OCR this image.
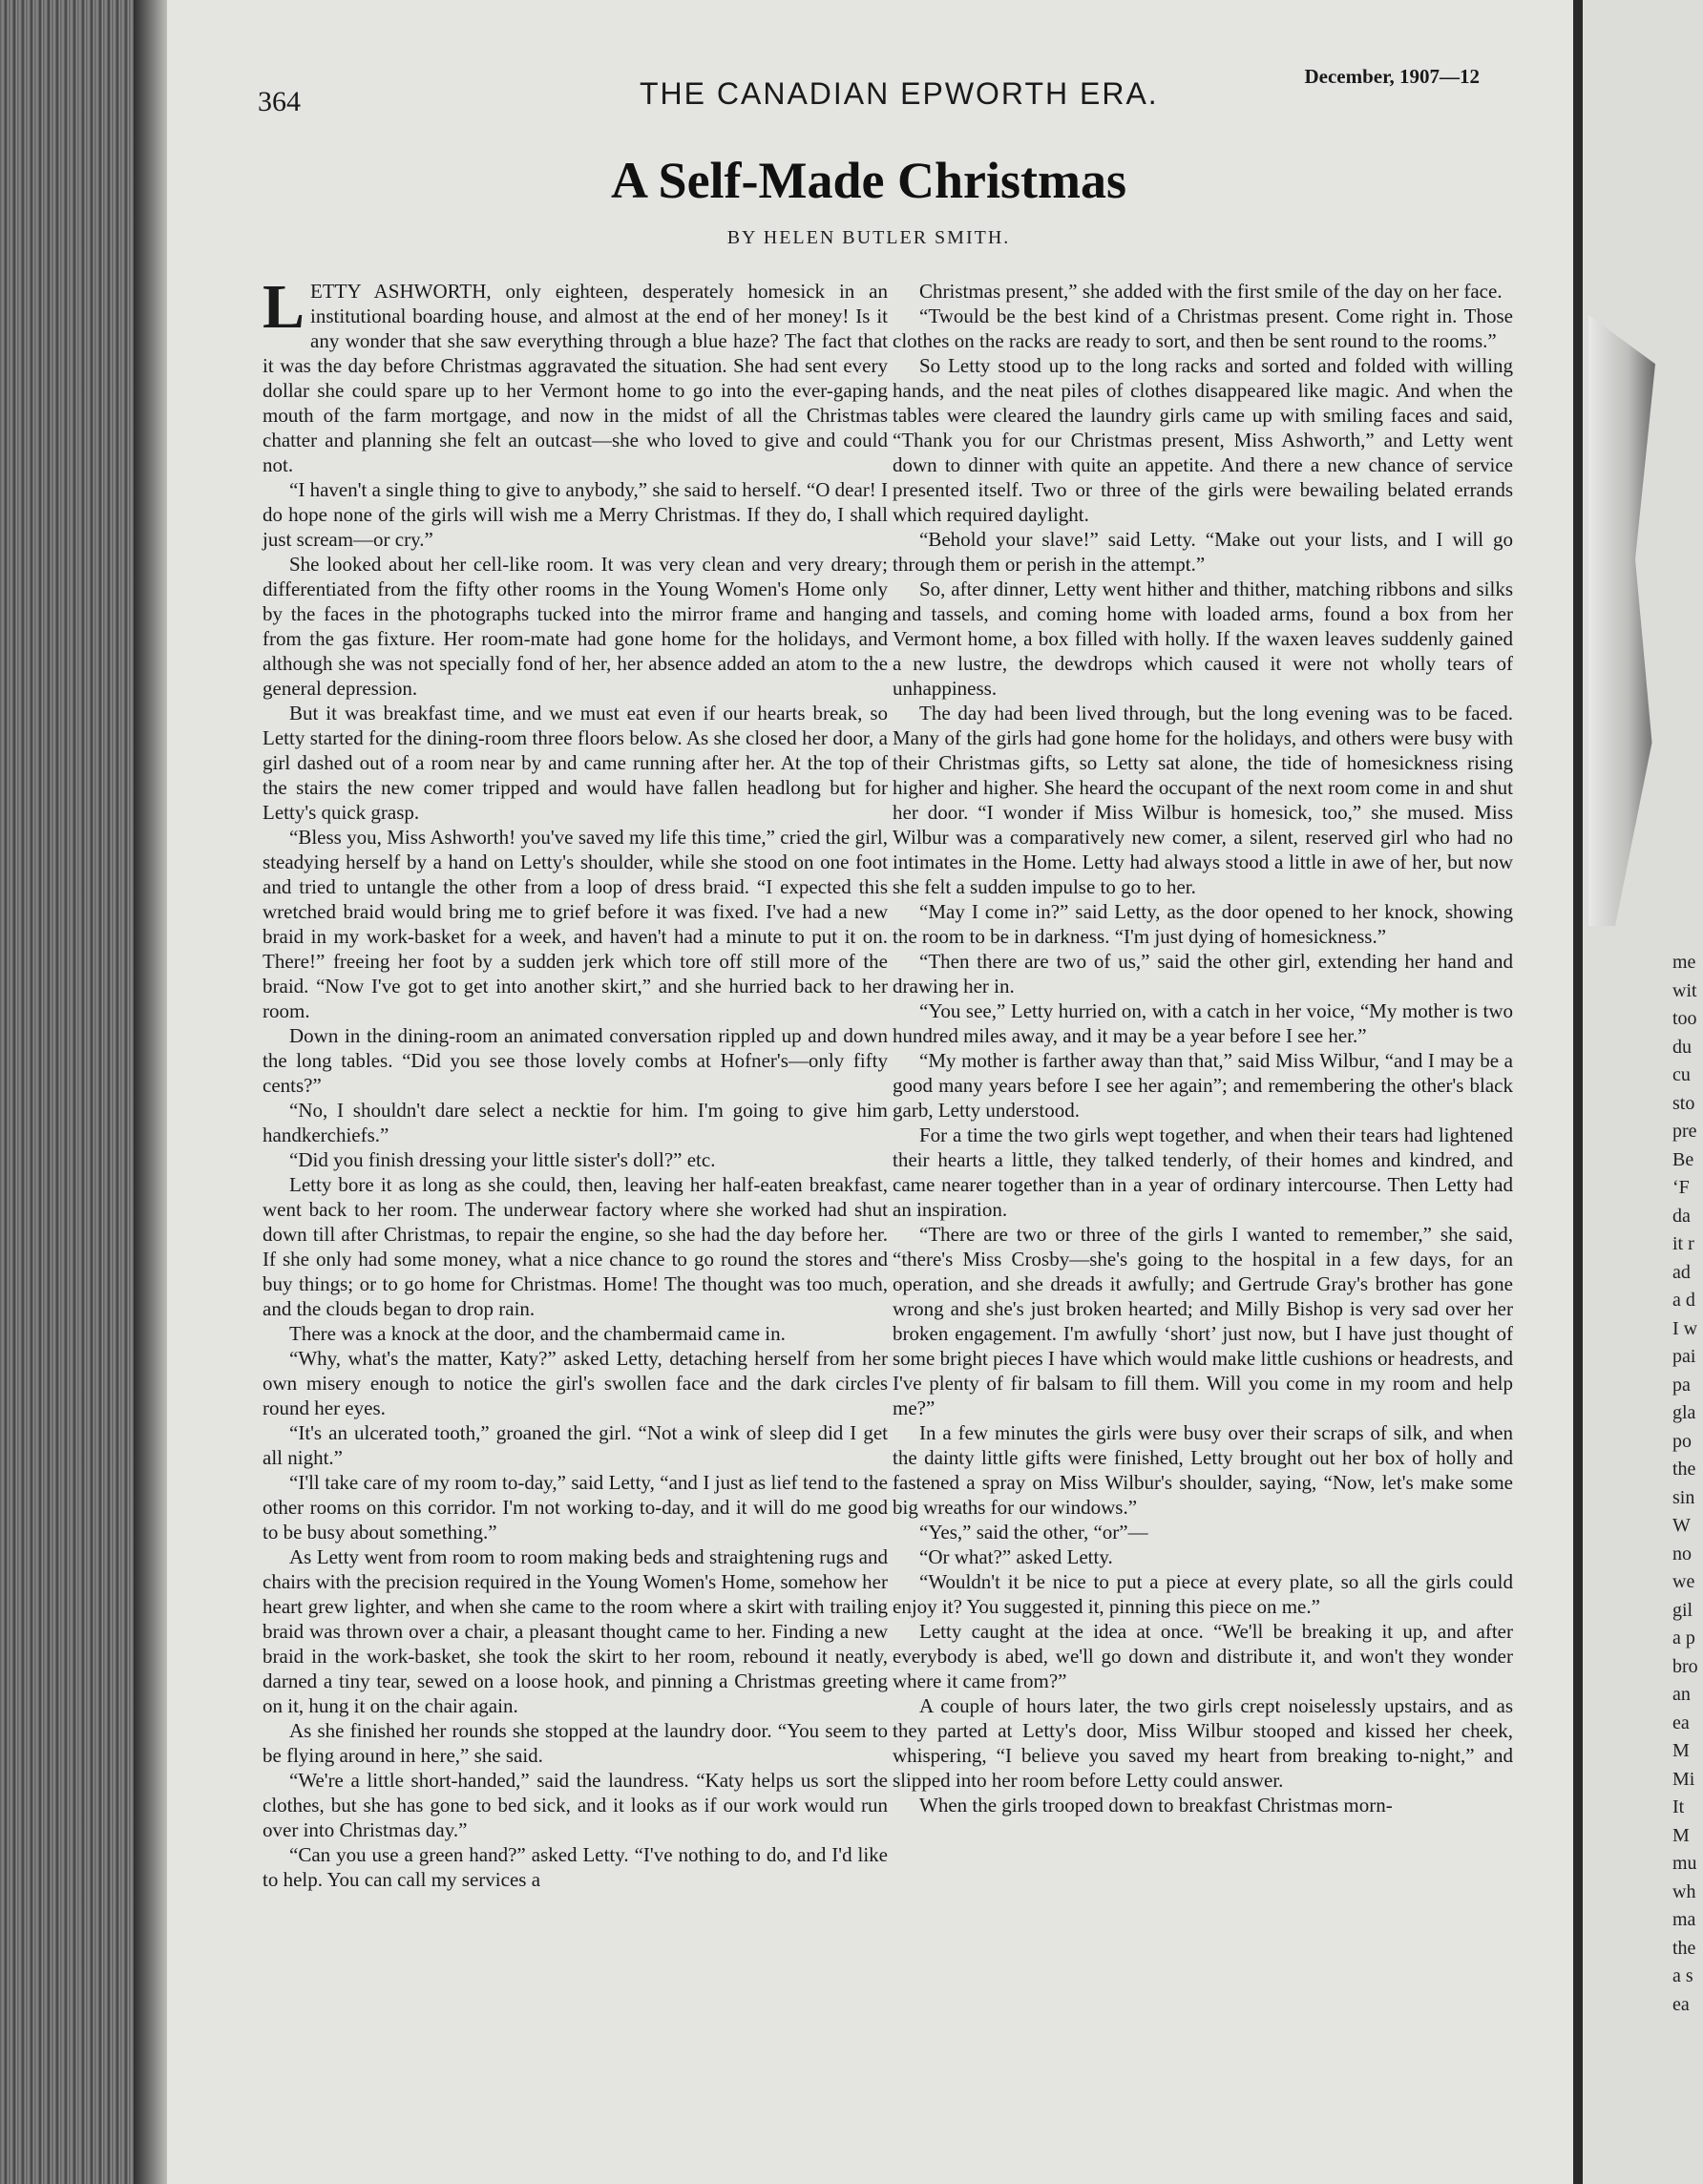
me
wit
too
du
cu
sto
pre
Be
‘F
da
it r
ad
a d
I w
pai
pa
gla
po
the
sin
W
no
we
gil
a p
bro
an
ea
M
Mi
It
M
mu
wh
ma
the
a s
ea
364	THE CANADIAN EPWORTH ERA.	December, 1907—12
A Self-Made Christmas
BY HELEN BUTLER SMITH.

LETTY ASHWORTH, only eighteen, desperately homesick in an institutional boarding house, and almost at the end of her money! Is it any wonder that she saw everything through a blue haze? The fact that it was the day before Christmas aggravated the situation. She had sent every dollar she could spare up to her Vermont home to go into the ever-gaping mouth of the farm mortgage, and now in the midst of all the Christmas chatter and planning she felt an outcast—she who loved to give and could not.

“I haven't a single thing to give to anybody,” she said to herself. “O dear! I do hope none of the girls will wish me a Merry Christmas. If they do, I shall just scream—or cry.”

She looked about her cell-like room. It was very clean and very dreary; differentiated from the fifty other rooms in the Young Women's Home only by the faces in the photographs tucked into the mirror frame and hanging from the gas fixture. Her room-mate had gone home for the holidays, and although she was not specially fond of her, her absence added an atom to the general depression.

But it was breakfast time, and we must eat even if our hearts break, so Letty started for the dining-room three floors below. As she closed her door, a girl dashed out of a room near by and came running after her. At the top of the stairs the new comer tripped and would have fallen headlong but for Letty's quick grasp.

“Bless you, Miss Ashworth! you've saved my life this time,” cried the girl, steadying herself by a hand on Letty's shoulder, while she stood on one foot and tried to untangle the other from a loop of dress braid. “I expected this wretched braid would bring me to grief before it was fixed. I've had a new braid in my work-basket for a week, and haven't had a minute to put it on. There!” freeing her foot by a sudden jerk which tore off still more of the braid. “Now I've got to get into another skirt,” and she hurried back to her room.

Down in the dining-room an animated conversation rippled up and down the long tables. “Did you see those lovely combs at Hofner's—only fifty cents?”

“No, I shouldn't dare select a necktie for him. I'm going to give him handkerchiefs.”

“Did you finish dressing your little sister's doll?” etc.

Letty bore it as long as she could, then, leaving her half-eaten breakfast, went back to her room. The underwear factory where she worked had shut down till after Christmas, to repair the engine, so she had the day before her. If she only had some money, what a nice chance to go round the stores and buy things; or to go home for Christmas. Home! The thought was too much, and the clouds began to drop rain.

There was a knock at the door, and the chambermaid came in.

“Why, what's the matter, Katy?” asked Letty, detaching herself from her own misery enough to notice the girl's swollen face and the dark circles round her eyes.

“It's an ulcerated tooth,” groaned the girl. “Not a wink of sleep did I get all night.”

“I'll take care of my room to-day,” said Letty, “and I just as lief tend to the other rooms on this corridor. I'm not working to-day, and it will do me good to be busy about something.”

As Letty went from room to room making beds and straightening rugs and chairs with the precision required in the Young Women's Home, somehow her heart grew lighter, and when she came to the room where a skirt with trailing braid was thrown over a chair, a pleasant thought came to her. Finding a new braid in the work-basket, she took the skirt to her room, rebound it neatly, darned a tiny tear, sewed on a loose hook, and pinning a Christmas greeting on it, hung it on the chair again.

As she finished her rounds she stopped at the laundry door. “You seem to be flying around in here,” she said.

“We're a little short-handed,” said the laundress. “Katy helps us sort the clothes, but she has gone to bed sick, and it looks as if our work would run over into Christmas day.”

“Can you use a green hand?” asked Letty. “I've nothing to do, and I'd like to help. You can call my services a

Christmas present,” she added with the first smile of the day on her face.

“Twould be the best kind of a Christmas present. Come right in. Those clothes on the racks are ready to sort, and then be sent round to the rooms.”

So Letty stood up to the long racks and sorted and folded with willing hands, and the neat piles of clothes disappeared like magic. And when the tables were cleared the laundry girls came up with smiling faces and said, “Thank you for our Christmas present, Miss Ashworth,” and Letty went down to dinner with quite an appetite. And there a new chance of service presented itself. Two or three of the girls were bewailing belated errands which required daylight.

“Behold your slave!” said Letty. “Make out your lists, and I will go through them or perish in the attempt.”

So, after dinner, Letty went hither and thither, matching ribbons and silks and tassels, and coming home with loaded arms, found a box from her Vermont home, a box filled with holly. If the waxen leaves suddenly gained a new lustre, the dewdrops which caused it were not wholly tears of unhappiness.

The day had been lived through, but the long evening was to be faced. Many of the girls had gone home for the holidays, and others were busy with their Christmas gifts, so Letty sat alone, the tide of homesickness rising higher and higher. She heard the occupant of the next room come in and shut her door. “I wonder if Miss Wilbur is homesick, too,” she mused. Miss Wilbur was a comparatively new comer, a silent, reserved girl who had no intimates in the Home. Letty had always stood a little in awe of her, but now she felt a sudden impulse to go to her.

“May I come in?” said Letty, as the door opened to her knock, showing the room to be in darkness. “I'm just dying of homesickness.”

“Then there are two of us,” said the other girl, extending her hand and drawing her in.

“You see,” Letty hurried on, with a catch in her voice, “My mother is two hundred miles away, and it may be a year before I see her.”

“My mother is farther away than that,” said Miss Wilbur, “and I may be a good many years before I see her again”; and remembering the other's black garb, Letty understood.

For a time the two girls wept together, and when their tears had lightened their hearts a little, they talked tenderly, of their homes and kindred, and came nearer together than in a year of ordinary intercourse. Then Letty had an inspiration.

“There are two or three of the girls I wanted to remember,” she said, “there's Miss Crosby—she's going to the hospital in a few days, for an operation, and she dreads it awfully; and Gertrude Gray's brother has gone wrong and she's just broken hearted; and Milly Bishop is very sad over her broken engagement. I'm awfully ‘short’ just now, but I have just thought of some bright pieces I have which would make little cushions or headrests, and I've plenty of fir balsam to fill them. Will you come in my room and help me?”

In a few minutes the girls were busy over their scraps of silk, and when the dainty little gifts were finished, Letty brought out her box of holly and fastened a spray on Miss Wilbur's shoulder, saying, “Now, let's make some big wreaths for our windows.”

“Yes,” said the other, “or”—

“Or what?” asked Letty.

“Wouldn't it be nice to put a piece at every plate, so all the girls could enjoy it? You suggested it, pinning this piece on me.”

Letty caught at the idea at once. “We'll be breaking it up, and after everybody is abed, we'll go down and distribute it, and won't they wonder where it came from?”

A couple of hours later, the two girls crept noiselessly upstairs, and as they parted at Letty's door, Miss Wilbur stooped and kissed her cheek, whispering, “I believe you saved my heart from breaking to-night,” and slipped into her room before Letty could answer.

When the girls trooped down to breakfast Christmas morn-
